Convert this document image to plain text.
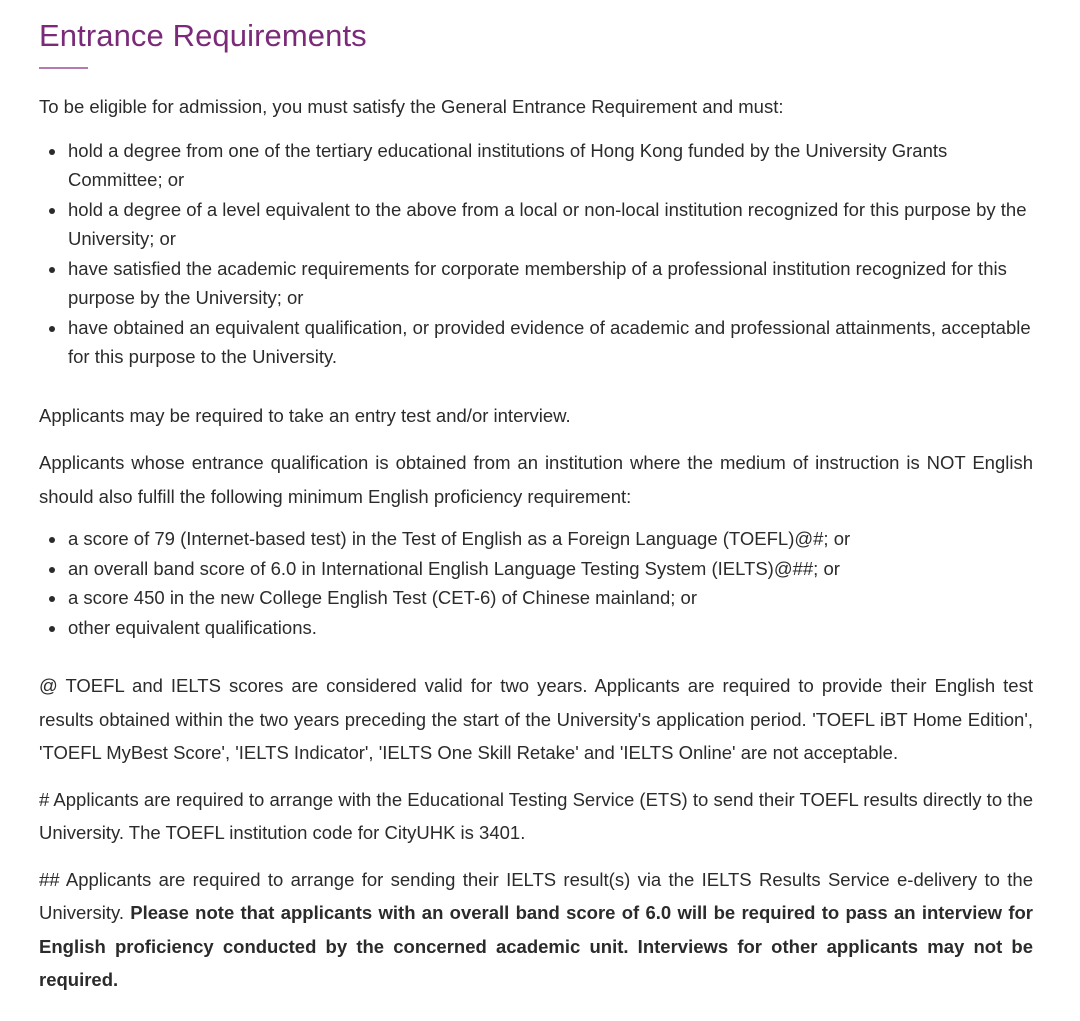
Entrance Requirements

To be eligible for admission, you must satisfy the General Entrance Requirement and must:

hold a degree from one of the tertiary educational institutions of Hong Kong funded by the University Grants Committee; or
hold a degree of a level equivalent to the above from a local or non-local institution recognized for this purpose by the University; or
have satisfied the academic requirements for corporate membership of a professional institution recognized for this purpose by the University; or
have obtained an equivalent qualification, or provided evidence of academic and professional attainments, acceptable for this purpose to the University.

Applicants may be required to take an entry test and/or interview.

Applicants whose entrance qualification is obtained from an institution where the medium of instruction is NOT English should also fulfill the following minimum English proficiency requirement:

a score of 79 (Internet-based test) in the Test of English as a Foreign Language (TOEFL)@#; or
an overall band score of 6.0 in International English Language Testing System (IELTS)@##; or
a score 450 in the new College English Test (CET-6) of Chinese mainland; or
other equivalent qualifications.

@ TOEFL and IELTS scores are considered valid for two years. Applicants are required to provide their English test results obtained within the two years preceding the start of the University's application period. 'TOEFL iBT Home Edition', 'TOEFL MyBest Score', 'IELTS Indicator', 'IELTS One Skill Retake' and 'IELTS Online' are not acceptable.

# Applicants are required to arrange with the Educational Testing Service (ETS) to send their TOEFL results directly to the University. The TOEFL institution code for CityUHK is 3401.

## Applicants are required to arrange for sending their IELTS result(s) via the IELTS Results Service e-delivery to the University. Please note that applicants with an overall band score of 6.0 will be required to pass an interview for English proficiency conducted by the concerned academic unit. Interviews for other applicants may not be required.
